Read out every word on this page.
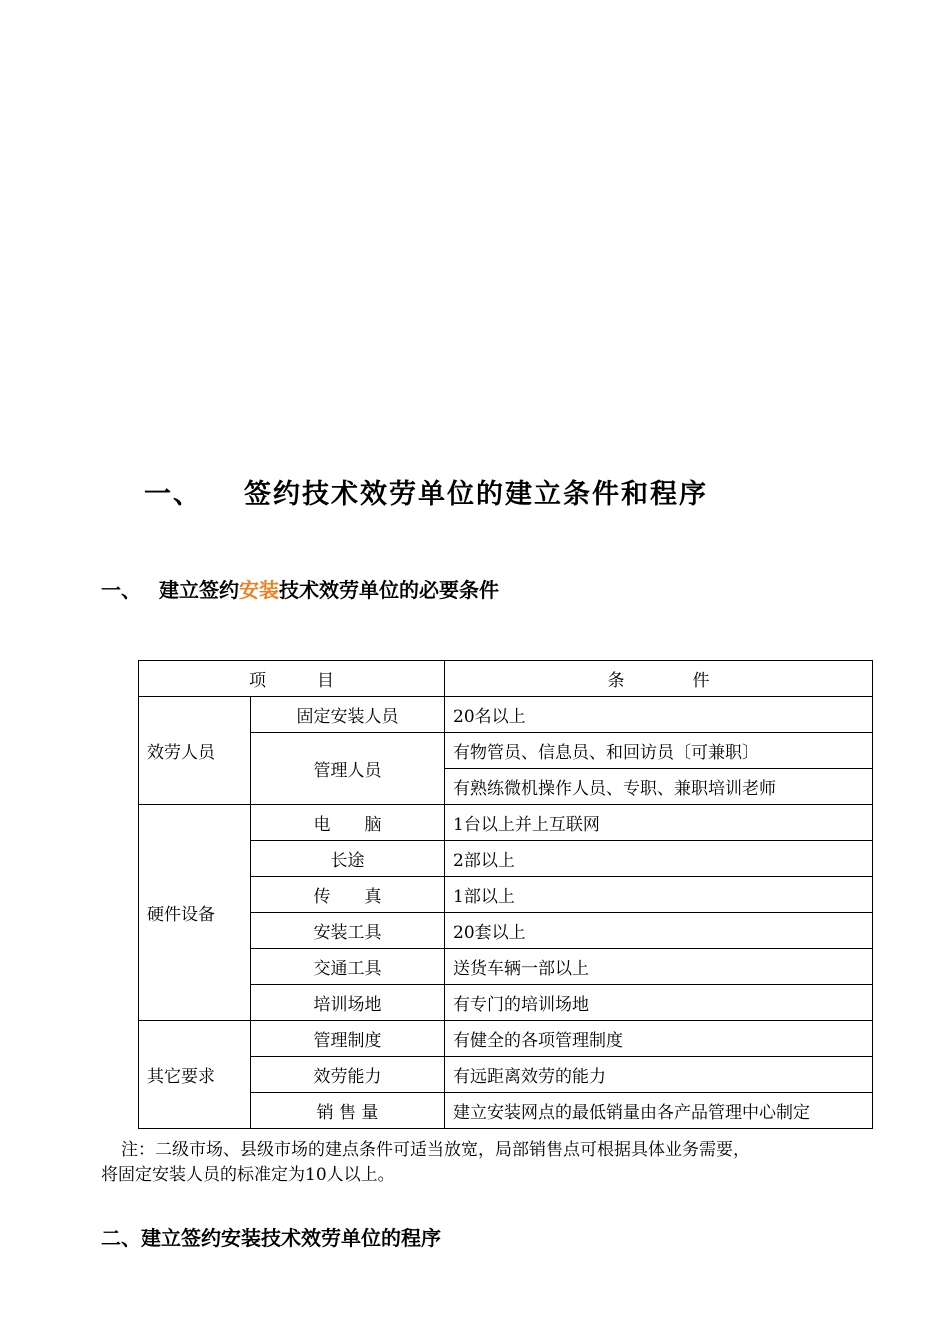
一、 签约技术效劳单位的建立条件和程序
一、 建立签约安装技术效劳单位的必要条件
项　　　目		条　　　　件
效劳人员	固定安装人员	20名以上
	管理人员	有物管员、信息员、和回访员〔可兼职〕
		有熟练微机操作人员、专职、兼职培训老师
硬件设备	电　　脑	1台以上并上互联网
	长途	2部以上
	传　　真	1部以上
	安装工具	20套以上
	交通工具	送货车辆一部以上
	培训场地	有专门的培训场地
其它要求	管理制度	有健全的各项管理制度
	效劳能力	有远距离效劳的能力
	销 售 量	建立安装网点的最低销量由各产品管理中心制定

注：二级市场、县级市场的建点条件可适当放宽，局部销售点可根据具体业务需要，

将固定安装人员的标准定为10人以上。

二、建立签约安装技术效劳单位的程序
